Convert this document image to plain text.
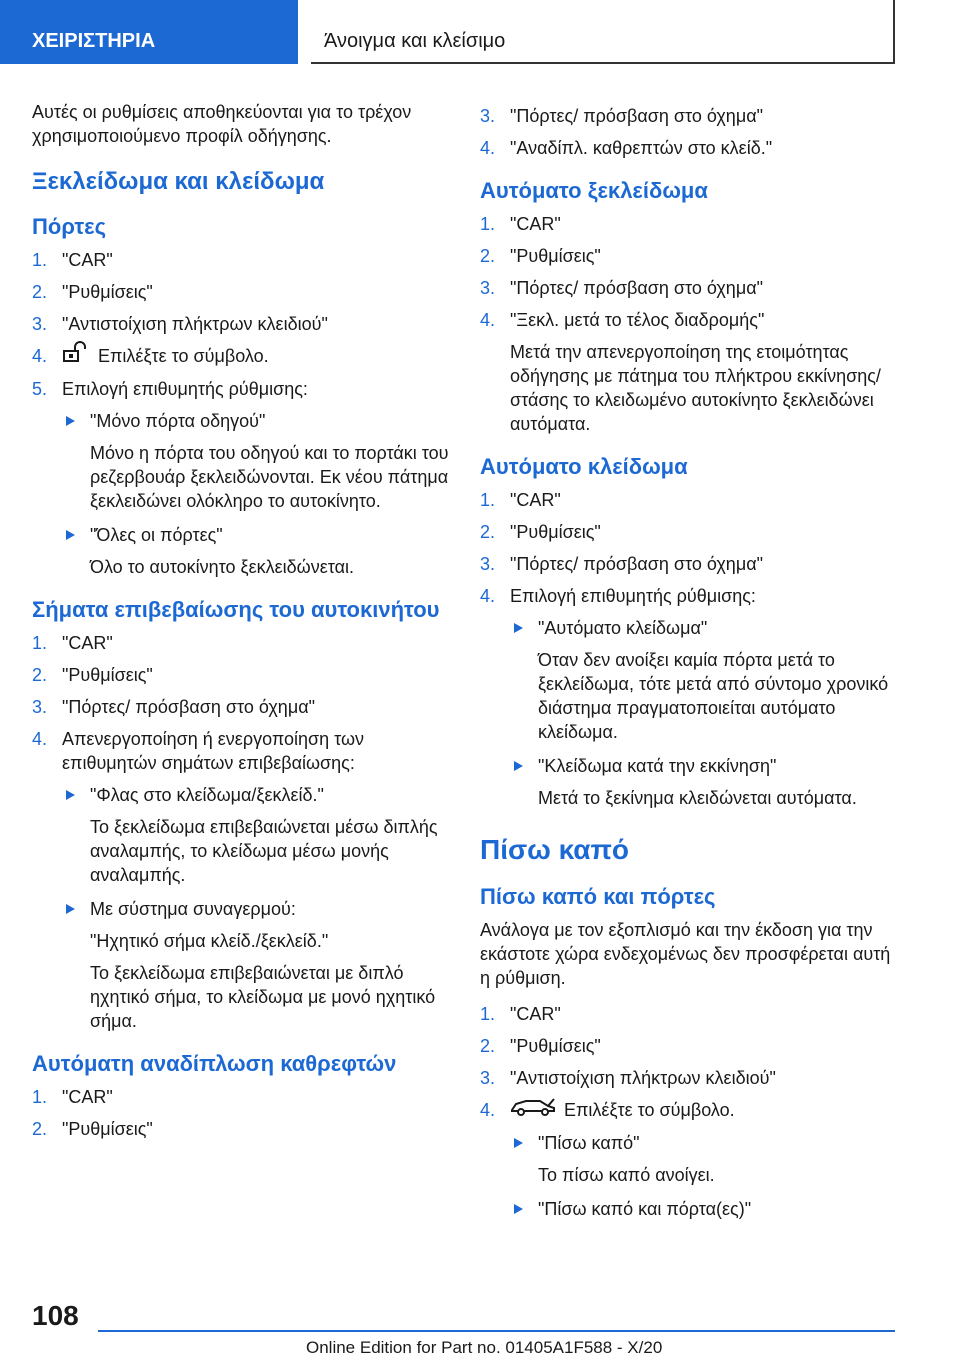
ΧΕΙΡΙΣΤΗΡΙΑ	Άνοιγμα και κλείσιμο

Αυτές οι ρυθμίσεις αποθηκεύονται για το τρέχον χρησιμοποιούμενο προφίλ οδήγησης.

Ξεκλείδωμα και κλείδωμα
Πόρτες
1. "CAR"
2. "Ρυθμίσεις"
3. "Αντιστοίχιση πλήκτρων κλειδιού"
4.	Επιλέξτε το σύμβολο.
5. Επιλογή επιθυμητής ρύθμισης:
"Μόνο πόρτα οδηγού"
Μόνο η πόρτα του οδηγού και το πορτάκι του ρεζερβουάρ ξεκλειδώνονται. Εκ νέου πάτημα ξεκλειδώνει ολόκληρο το αυτοκίνητο.
"Όλες οι πόρτες"
Όλο το αυτοκίνητο ξεκλειδώνεται.
Σήματα επιβεβαίωσης του αυτοκινήτου
1. "CAR"
2. "Ρυθμίσεις"
3. "Πόρτες/ πρόσβαση στο όχημα"
4. Απενεργοποίηση ή ενεργοποίηση των επιθυμητών σημάτων επιβεβαίωσης:
"Φλας στο κλείδωμα/ξεκλείδ."
Το ξεκλείδωμα επιβεβαιώνεται μέσω διπλής αναλαμπής, το κλείδωμα μέσω μονής αναλαμπής.
Με σύστημα συναγερμού:
"Ηχητικό σήμα κλείδ./ξεκλείδ."
Το ξεκλείδωμα επιβεβαιώνεται με διπλό ηχητικό σήμα, το κλείδωμα με μονό ηχητικό σήμα.
Αυτόματη αναδίπλωση καθρεφτών
1. "CAR"
2. "Ρυθμίσεις"
3. "Πόρτες/ πρόσβαση στο όχημα"
4. "Αναδίπλ. καθρεπτών στο κλείδ."
Αυτόματο ξεκλείδωμα
1. "CAR"
2. "Ρυθμίσεις"
3. "Πόρτες/ πρόσβαση στο όχημα"
4. "Ξεκλ. μετά το τέλος διαδρομής"
Μετά την απενεργοποίηση της ετοιμότητας οδήγησης με πάτημα του πλήκτρου εκκίνησης/στάσης το κλειδωμένο αυτοκίνητο ξεκλειδώνει αυτόματα.
Αυτόματο κλείδωμα
1. "CAR"
2. "Ρυθμίσεις"
3. "Πόρτες/ πρόσβαση στο όχημα"
4. Επιλογή επιθυμητής ρύθμισης:
"Αυτόματο κλείδωμα"
Όταν δεν ανοίξει καμία πόρτα μετά το ξεκλείδωμα, τότε μετά από σύντομο χρονικό διάστημα πραγματοποιείται αυτόματο κλείδωμα.
"Κλείδωμα κατά την εκκίνηση"
Μετά το ξεκίνημα κλειδώνεται αυτόματα.
Πίσω καπό
Πίσω καπό και πόρτες

Ανάλογα με τον εξοπλισμό και την έκδοση για την εκάστοτε χώρα ενδεχομένως δεν προσφέρεται αυτή η ρύθμιση.

1. "CAR"
2. "Ρυθμίσεις"
3. "Αντιστοίχιση πλήκτρων κλειδιού"
4.	Επιλέξτε το σύμβολο.
"Πίσω καπό"
Το πίσω καπό ανοίγει.
"Πίσω καπό και πόρτα(ες)"
108
Online Edition for Part no. 01405A1F588 - X/20
